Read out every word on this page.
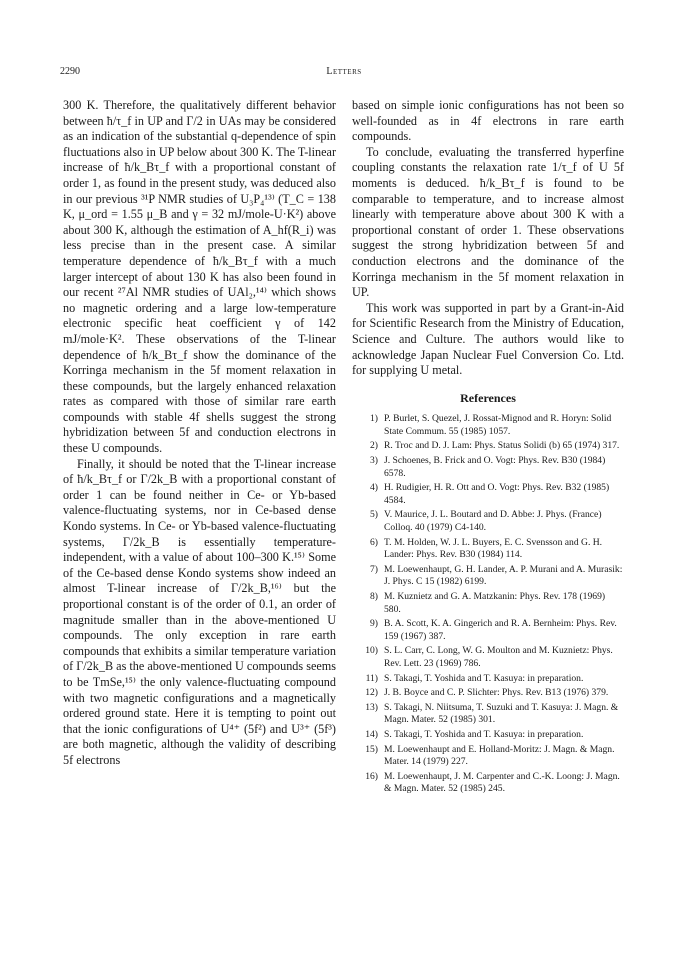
2290	Letters

300 K. Therefore, the qualitatively different behavior between ħ/τ_f in UP and Γ/2 in UAs may be considered as an indication of the substantial q-dependence of spin fluctuations also in UP below about 300 K. The T-linear increase of ħ/k_Bτ_f with a proportional constant of order 1, as found in the present study, was deduced also in our previous ³¹P NMR studies of U₃P₄¹³⁾ (T_C = 138 K, μ_ord = 1.55 μ_B and γ = 32 mJ/mole-U·K²) above about 300 K, although the estimation of A_hf(R_i) was less precise than in the present case. A similar temperature dependence of ħ/k_Bτ_f with a much larger intercept of about 130 K has also been found in our recent ²⁷Al NMR studies of UAl₂,¹⁴⁾ which shows no magnetic ordering and a large low-temperature electronic specific heat coefficient γ of 142 mJ/mole·K². These observations of the T-linear dependence of ħ/k_Bτ_f show the dominance of the Korringa mechanism in the 5f moment relaxation in these compounds, but the largely enhanced relaxation rates as compared with those of similar rare earth compounds with stable 4f shells suggest the strong hybridization between 5f and conduction electrons in these U compounds.

Finally, it should be noted that the T-linear increase of ħ/k_Bτ_f or Γ/2k_B with a proportional constant of order 1 can be found neither in Ce- or Yb-based valence-fluctuating systems, nor in Ce-based dense Kondo systems. In Ce- or Yb-based valence-fluctuating systems, Γ/2k_B is essentially temperature-independent, with a value of about 100–300 K.¹⁵⁾ Some of the Ce-based dense Kondo systems show indeed an almost T-linear increase of Γ/2k_B,¹⁶⁾ but the proportional constant is of the order of 0.1, an order of magnitude smaller than in the above-mentioned U compounds. The only exception in rare earth compounds that exhibits a similar temperature variation of Γ/2k_B as the above-mentioned U compounds seems to be TmSe,¹⁵⁾ the only valence-fluctuating compound with two magnetic configurations and a magnetically ordered ground state. Here it is tempting to point out that the ionic configurations of U⁴⁺ (5f²) and U³⁺ (5f³) are both magnetic, although the validity of describing 5f electrons

based on simple ionic configurations has not been so well-founded as in 4f electrons in rare earth compounds.

To conclude, evaluating the transferred hyperfine coupling constants the relaxation rate 1/τ_f of U 5f moments is deduced. ħ/k_Bτ_f is found to be comparable to temperature, and to increase almost linearly with temperature above about 300 K with a proportional constant of order 1. These observations suggest the strong hybridization between 5f and conduction electrons and the dominance of the Korringa mechanism in the 5f moment relaxation in UP.

This work was supported in part by a Grant-in-Aid for Scientific Research from the Ministry of Education, Science and Culture. The authors would like to acknowledge Japan Nuclear Fuel Conversion Co. Ltd. for supplying U metal.

References
1) P. Burlet, S. Quezel, J. Rossat-Mignod and R. Horyn: Solid State Commum. 55 (1985) 1057.
2) R. Troc and D. J. Lam: Phys. Status Solidi (b) 65 (1974) 317.
3) J. Schoenes, B. Frick and O. Vogt: Phys. Rev. B30 (1984) 6578.
4) H. Rudigier, H. R. Ott and O. Vogt: Phys. Rev. B32 (1985) 4584.
5) V. Maurice, J. L. Boutard and D. Abbe: J. Phys. (France) Colloq. 40 (1979) C4-140.
6) T. M. Holden, W. J. L. Buyers, E. C. Svensson and G. H. Lander: Phys. Rev. B30 (1984) 114.
7) M. Loewenhaupt, G. H. Lander, A. P. Murani and A. Murasik: J. Phys. C 15 (1982) 6199.
8) M. Kuznietz and G. A. Matzkanin: Phys. Rev. 178 (1969) 580.
9) B. A. Scott, K. A. Gingerich and R. A. Bernheim: Phys. Rev. 159 (1967) 387.
10) S. L. Carr, C. Long, W. G. Moulton and M. Kuznietz: Phys. Rev. Lett. 23 (1969) 786.
11) S. Takagi, T. Yoshida and T. Kasuya: in preparation.
12) J. B. Boyce and C. P. Slichter: Phys. Rev. B13 (1976) 379.
13) S. Takagi, N. Niitsuma, T. Suzuki and T. Kasuya: J. Magn. & Magn. Mater. 52 (1985) 301.
14) S. Takagi, T. Yoshida and T. Kasuya: in preparation.
15) M. Loewenhaupt and E. Holland-Moritz: J. Magn. & Magn. Mater. 14 (1979) 227.
16) M. Loewenhaupt, J. M. Carpenter and C.-K. Loong: J. Magn. & Magn. Mater. 52 (1985) 245.
